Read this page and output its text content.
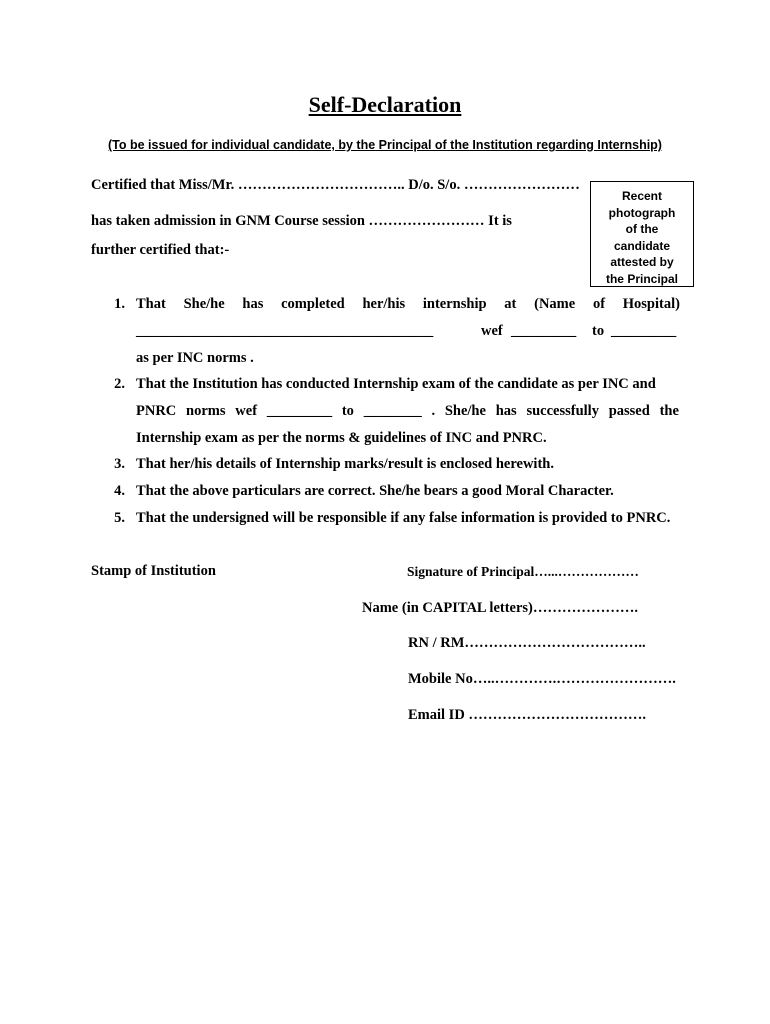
Self-Declaration
(To be issued for individual candidate, by the Principal of the Institution regarding Internship)
Certified that Miss/Mr. …………………………….. D/o. S/o. ……………………
has taken admission in GNM Course session …………………… It is
further certified that:-
Recent
photograph
of the
candidate
attested by
the Principal
1. That She/he has completed her/his internship at (Name of Hospital)
_________________________________________	wef _________ to _________
as per INC norms .
2. That the Institution has conducted Internship exam of the candidate as per INC and
PNRC norms wef _________ to ________ . She/he has successfully passed the
Internship exam as per the norms & guidelines of INC and PNRC.
3. That her/his details of Internship marks/result is enclosed herewith.
4. That the above particulars are correct. She/he bears a good Moral Character.
5. That the undersigned will be responsible if any false information is provided to PNRC.
Stamp of Institution	Signature of Principal…...………………
Name (in CAPITAL letters)………………….
RN / RM………………………………..
Mobile No…..………….…………………….
Email ID ……………………………….
